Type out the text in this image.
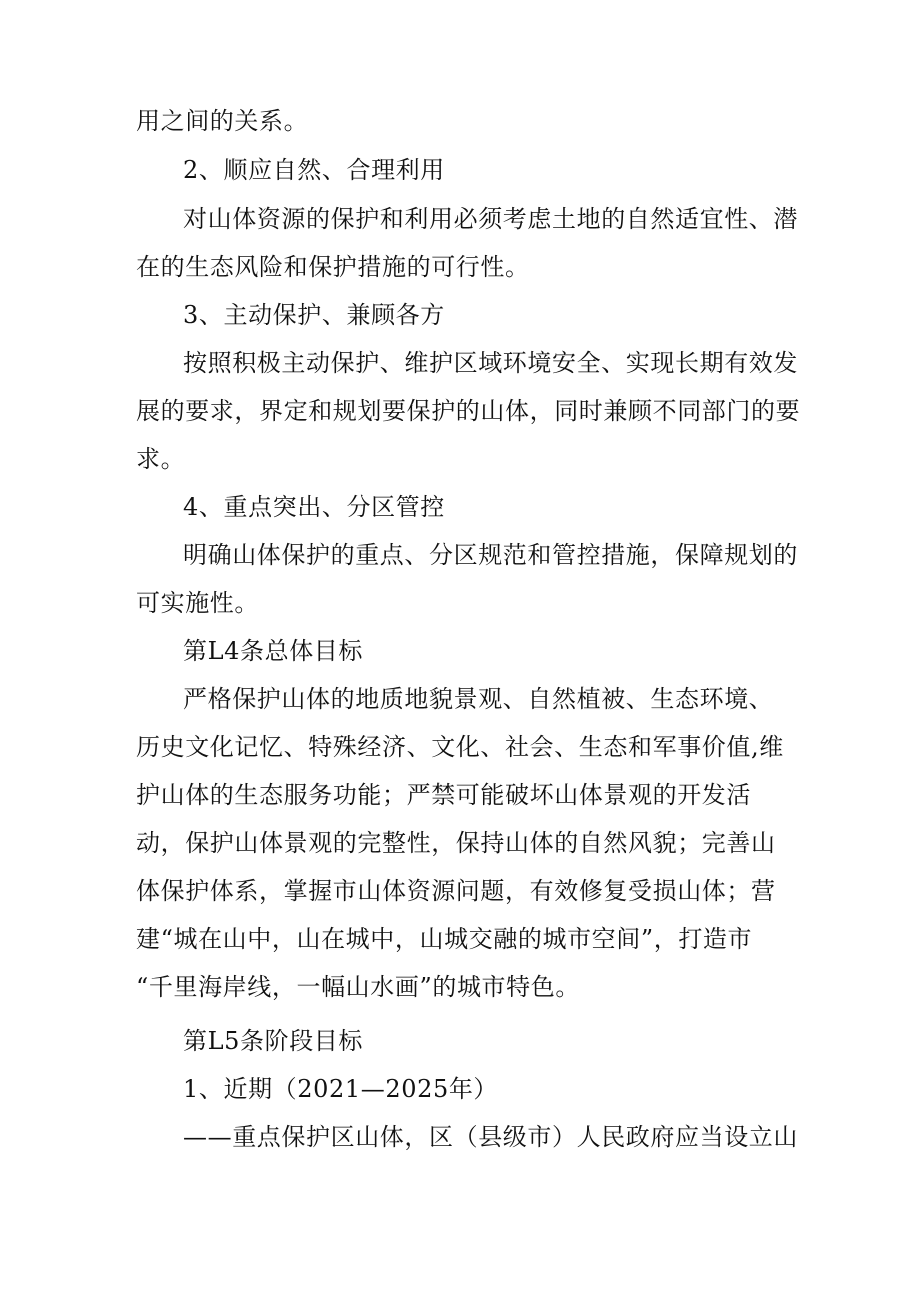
用之间的关系。
2、顺应自然、合理利用
对山体资源的保护和利用必须考虑土地的自然适宜性、潜
在的生态风险和保护措施的可行性。
3、主动保护、兼顾各方
按照积极主动保护、维护区域环境安全、实现长期有效发
展的要求，界定和规划要保护的山体，同时兼顾不同部门的要
求。
4、重点突出、分区管控
明确山体保护的重点、分区规范和管控措施，保障规划的
可实施性。
第L4条总体目标
严格保护山体的地质地貌景观、自然植被、生态环境、
历史文化记忆、特殊经济、文化、社会、生态和军事价值,维
护山体的生态服务功能；严禁可能破坏山体景观的开发活
动，保护山体景观的完整性，保持山体的自然风貌；完善山
体保护体系，掌握市山体资源问题，有效修复受损山体；营
建“城在山中，山在城中，山城交融的城市空间”，打造市
“千里海岸线，一幅山水画”的城市特色。
第L5条阶段目标
1、近期（2021—2025年）
——重点保护区山体，区（县级市）人民政府应当设立山
